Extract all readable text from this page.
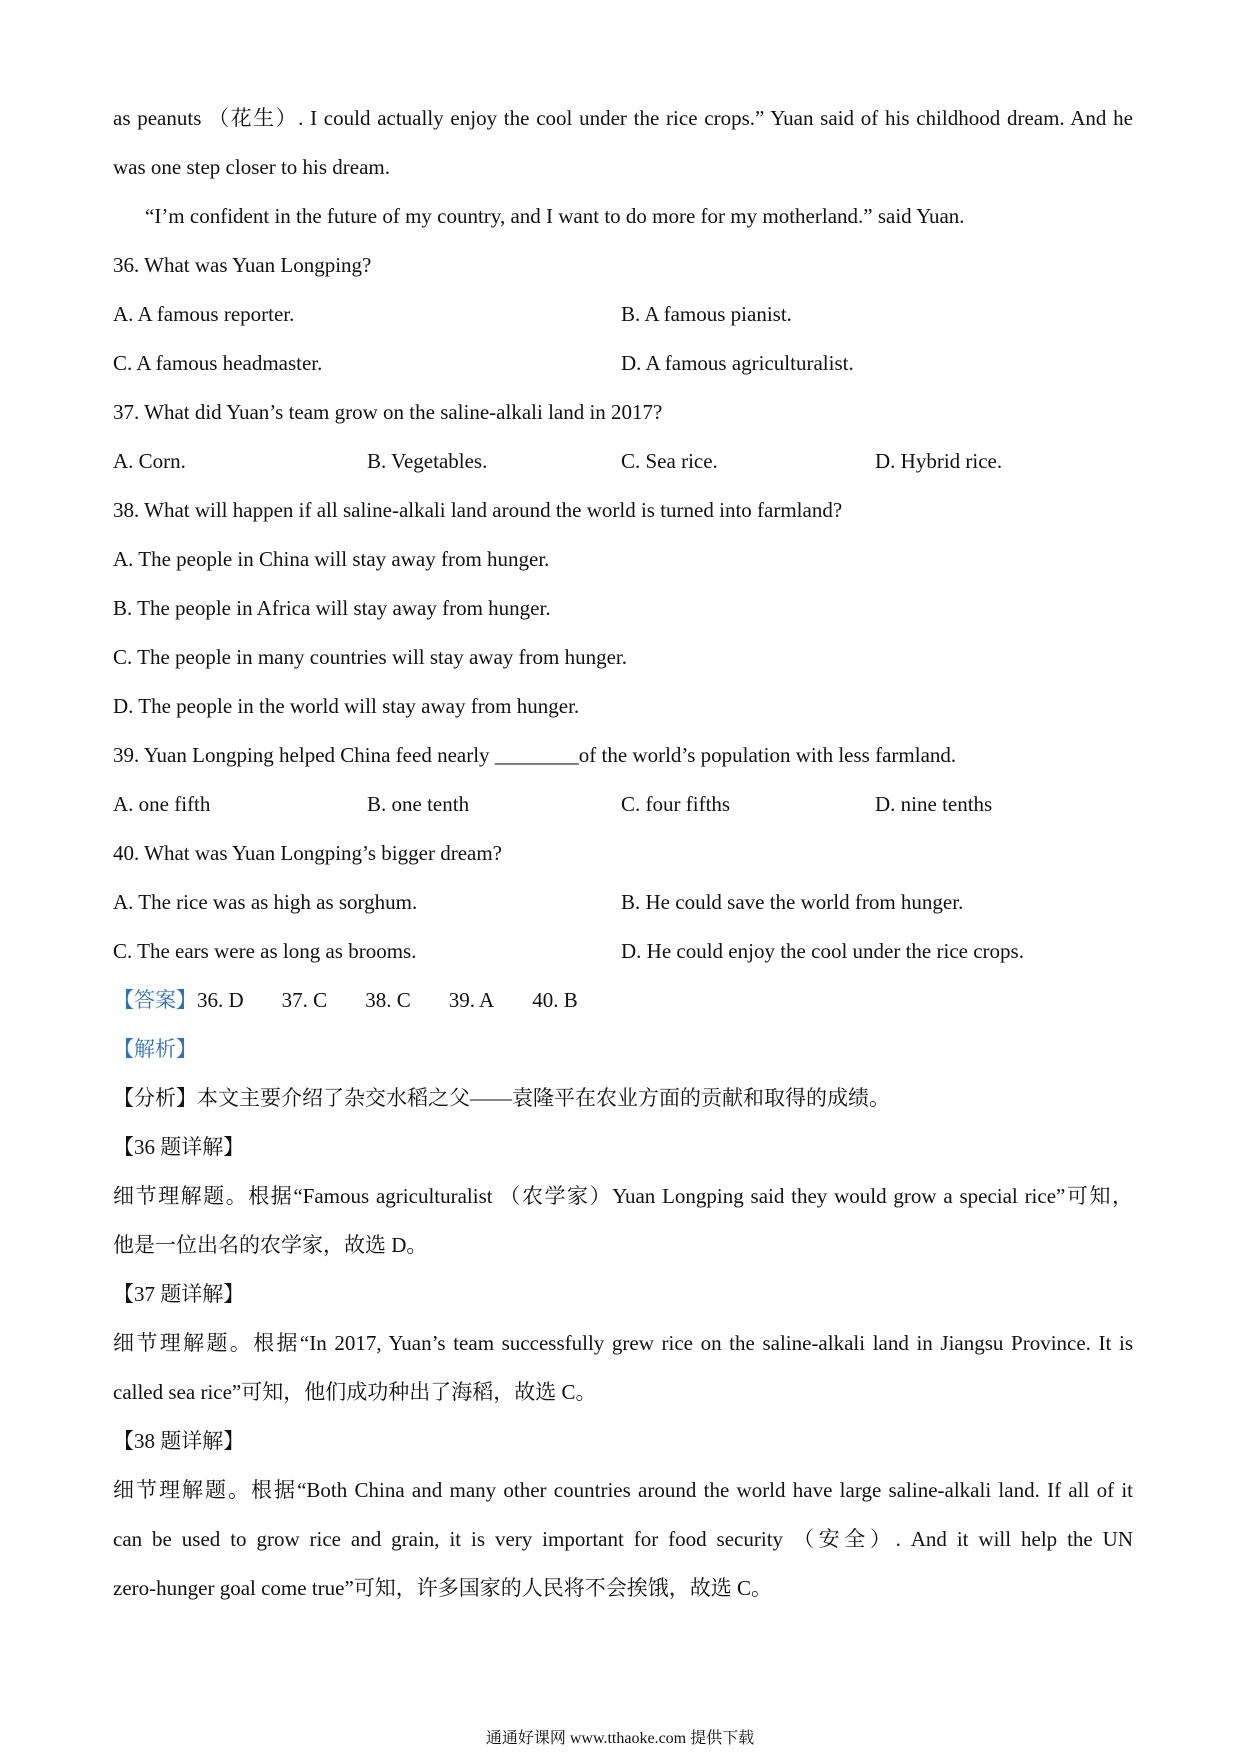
as peanuts （花生）. I could actually enjoy the cool under the rice crops.” Yuan said of his childhood dream. And he
was one step closer to his dream.
“I’m confident in the future of my country, and I want to do more for my motherland.” said Yuan.
36. What was Yuan Longping?
A. A famous reporter.	B. A famous pianist.
C. A famous headmaster.	D. A famous agriculturalist.
37. What did Yuan’s team grow on the saline-alkali land in 2017?
A. Corn.	B. Vegetables.	C. Sea rice.	D. Hybrid rice.
38. What will happen if all saline-alkali land around the world is turned into farmland?
A. The people in China will stay away from hunger.
B. The people in Africa will stay away from hunger.
C. The people in many countries will stay away from hunger.
D. The people in the world will stay away from hunger.
39. Yuan Longping helped China feed nearly ________of the world’s population with less farmland.
A. one fifth	B. one tenth	C. four fifths	D. nine tenths
40. What was Yuan Longping’s bigger dream?
A. The rice was as high as sorghum.	B. He could save the world from hunger.
C. The ears were as long as brooms.	D. He could enjoy the cool under the rice crops.
【答案】36. D 37. C 38. C 39. A 40. B
【解析】
【分析】本文主要介绍了杂交水稻之父——袁隆平在农业方面的贡献和取得的成绩。
【36 题详解】
细节理解题。根据“Famous agriculturalist （农学家）Yuan Longping said they would grow a special rice”可知，
他是一位出名的农学家，故选 D。
【37 题详解】
细节理解题。根据“In 2017, Yuan’s team successfully grew rice on the saline-alkali land in Jiangsu Province. It is
called sea rice”可知，他们成功种出了海稻，故选 C。
【38 题详解】
细节理解题。根据“Both China and many other countries around the world have large saline-alkali land. If all of it
can be used to grow rice and grain, it is very important for food security （安全）. And it will help the UN
zero-hunger goal come true”可知，许多国家的人民将不会挨饿，故选 C。
通通好课网 www.tthaoke.com 提供下载
